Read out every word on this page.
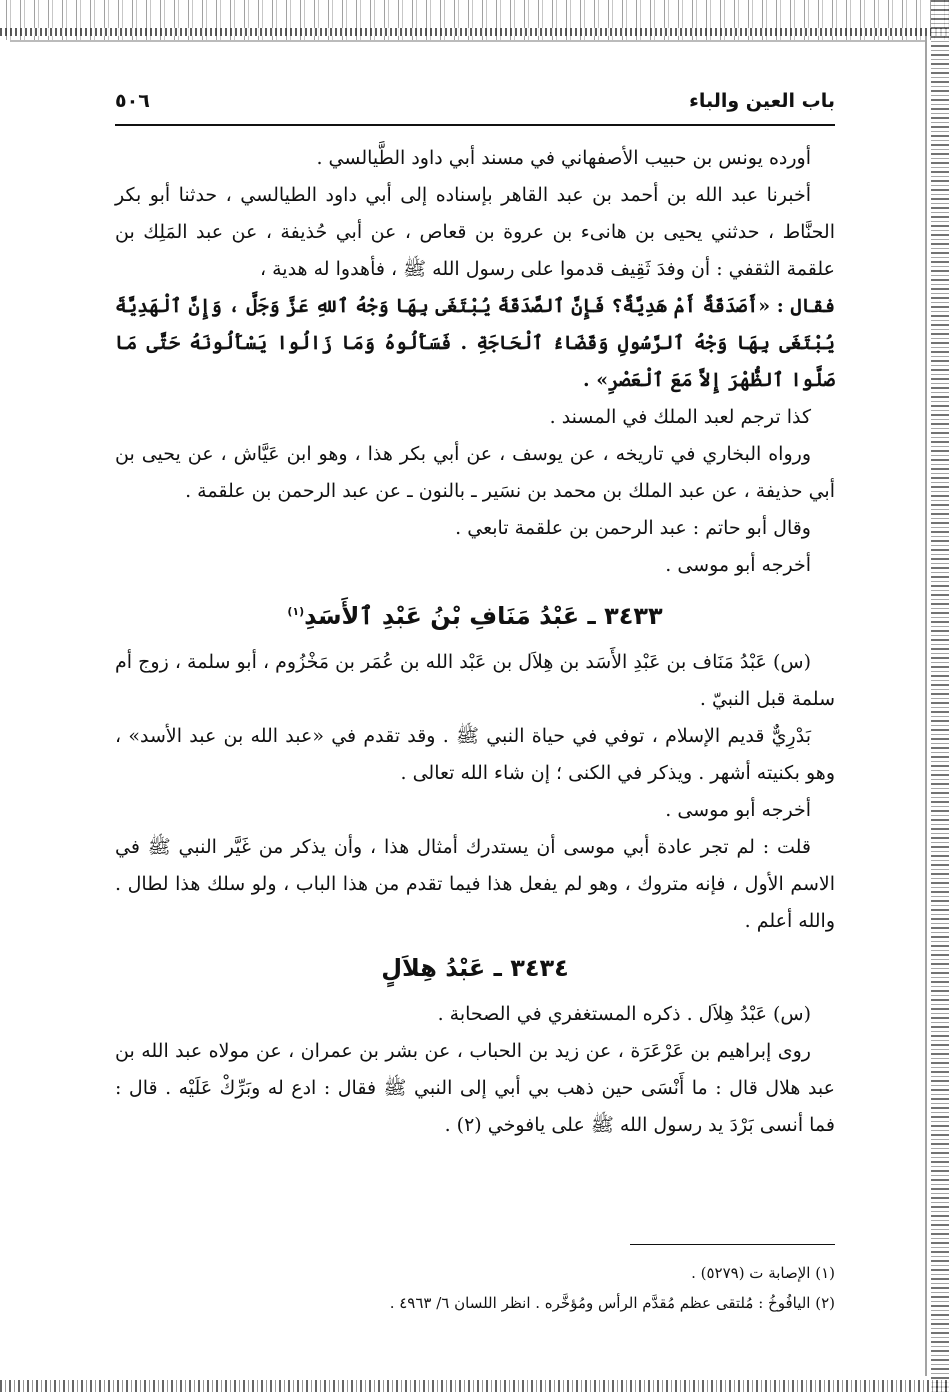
باب العين والباء
٥٠٦

أورده يونس بن حبيب الأصفهاني في مسند أبي داود الطَّيالسي .

أخبرنا عبد الله بن أحمد بن عبد القاهر بإسناده إلى أبي داود الطيالسي ، حدثنا أبو بكر الحنَّاط ، حدثني يحيى بن هانىء بن عروة بن قعاص ، عن أبي حُذيفة ، عن عبد المَلِك بن علقمة الثقفي : أن وفدَ ثَقِيف قدموا على رسول الله ﷺ ، فأهدوا له هدية ،

فقال : «أَصَدَقَةٌ أَمْ هَدِيَّةٌ؟ فَإِنَّ ٱلصَّدَقَةَ يُبْتَغَى بِهَا وَجْهُ ٱللهِ عَزَّ وَجَلَّ ، وَإِنَّ ٱلْهَدِيَّةَ يُبْتَغَى بِهَا وَجْهُ ٱلرَّسُولِ وَقَضَاءُ ٱلْحَاجَةِ . فَسَأَلُوهُ وَمَا زَالُوا يَسْأَلُونَهُ حَتَّى مَا صَلَّوا ٱلظُّهْرَ إِلاَّ مَعَ ٱلْعَصْرِ» .

كذا ترجم لعبد الملك في المسند .

ورواه البخاري في تاريخه ، عن يوسف ، عن أبي بكر هذا ، وهو ابن عَيَّاش ، عن يحيى بن أبي حذيفة ، عن عبد الملك بن محمد بن نسَير ـ بالنون ـ عن عبد الرحمن بن علقمة .

وقال أبو حاتم : عبد الرحمن بن علقمة تابعي .

أخرجه أبو موسى .

٣٤٣٣ ـ عَبْدُ مَنَافِ بْنُ عَبْدِ ٱلأَسَدِ$^{(١)}$

(س) عَبْدُ مَنَاف بن عَبْدِ الأَسَد بن هِلاَل بن عَبْد الله بن عُمَر بن مَخْزُوم ، أبو سلمة ، زوج أم سلمة قبل النبيّ .

بَدْرِيٌّ قديم الإسلام ، توفي في حياة النبي ﷺ . وقد تقدم في «عبد الله بن عبد الأسد» ، وهو بكنيته أشهر . ويذكر في الكنى ؛ إن شاء الله تعالى .

أخرجه أبو موسى .

قلت : لم تجر عادة أبي موسى أن يستدرك أمثال هذا ، وأن يذكر من غَيَّر النبي ﷺ في الاسم الأول ، فإنه متروك ، وهو لم يفعل هذا فيما تقدم من هذا الباب ، ولو سلك هذا لطال . والله أعلم .

٣٤٣٤ ـ عَبْدُ هِلاَلٍ

(س) عَبْدُ هِلاَل . ذكره المستغفري في الصحابة .

روى إبراهيم بن عَرْعَرَة ، عن زيد بن الحباب ، عن بشر بن عمران ، عن مولاه عبد الله بن عبد هلال قال : ما أَنْسَى حين ذهب بي أبي إلى النبي ﷺ فقال : ادع له وبَرِّكْ عَلَيْه . قال : فما أنسى بَرْدَ يد رسول الله ﷺ على يافوخي (٢) .

(١) الإصابة ت (٥٢٧٩) .

(٢) اليافُوخُ : مُلتقى عظم مُقدَّم الرأس ومُؤخَّره . انظر اللسان ٦/ ٤٩٦٣ .
